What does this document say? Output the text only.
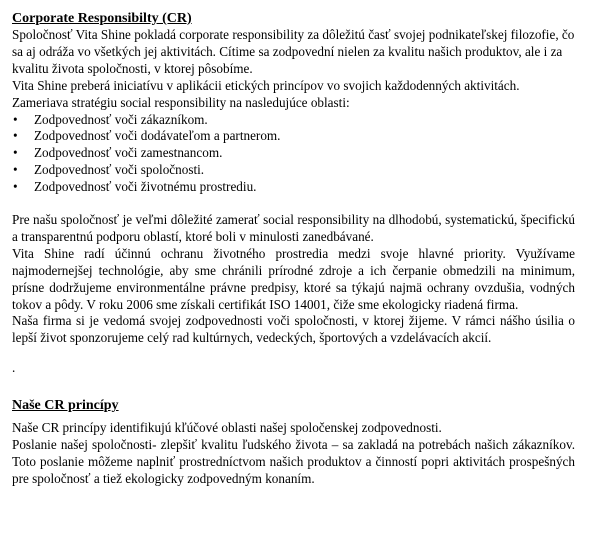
Corporate Responsibilty (CR)

Spoločnosť Vita Shine pokladá corporate responsibility za dôležitú časť svojej podnikateľskej filozofie, čo sa aj odráža vo všetkých jej aktivitách. Cítime sa zodpovední nielen za kvalitu našich produktov, ale i za kvalitu života spoločnosti, v ktorej pôsobíme.

Vita Shine preberá iniciatívu v aplikácii etických princípov vo svojich každodenných aktivitách.

Zameriava stratégiu social responsibility na nasledujúce oblasti:

• Zodpovednosť voči zákazníkom.
• Zodpovednosť voči dodávateľom a partnerom.
• Zodpovednosť voči zamestnancom.
• Zodpovednosť voči spoločnosti.
• Zodpovednosť voči životnému prostrediu.

Pre našu spoločnosť je veľmi dôležité zamerať social responsibility na dlhodobú, systematickú, špecifickú a transparentnú podporu oblastí, ktoré boli v minulosti zanedbávané.

Vita Shine radí účinnú ochranu životného prostredia medzi svoje hlavné priority. Využívame najmodernejšej technológie, aby sme chránili prírodné zdroje a ich čerpanie obmedzili na minimum, prísne dodržujeme environmentálne právne predpisy, ktoré sa týkajú najmä ochrany ovzdušia, vodných tokov a pôdy. V roku 2006 sme získali certifikát ISO 14001, čiže sme ekologicky riadená firma.

Naša firma si je vedomá svojej zodpovednosti voči spoločnosti, v ktorej žijeme. V rámci nášho úsilia o lepší život sponzorujeme celý rad kultúrnych, vedeckých, športových a vzdelávacích akcií.

.

Naše CR princípy

Naše CR princípy identifikujú kľúčové oblasti našej spoločenskej zodpovednosti.

Poslanie našej spoločnosti- zlepšiť kvalitu ľudského života – sa zakladá na potrebách našich zákazníkov. Toto poslanie môžeme naplniť prostredníctvom našich produktov a činností popri aktivitách prospešných pre spoločnosť a tiež ekologicky zodpovedným konaním.
